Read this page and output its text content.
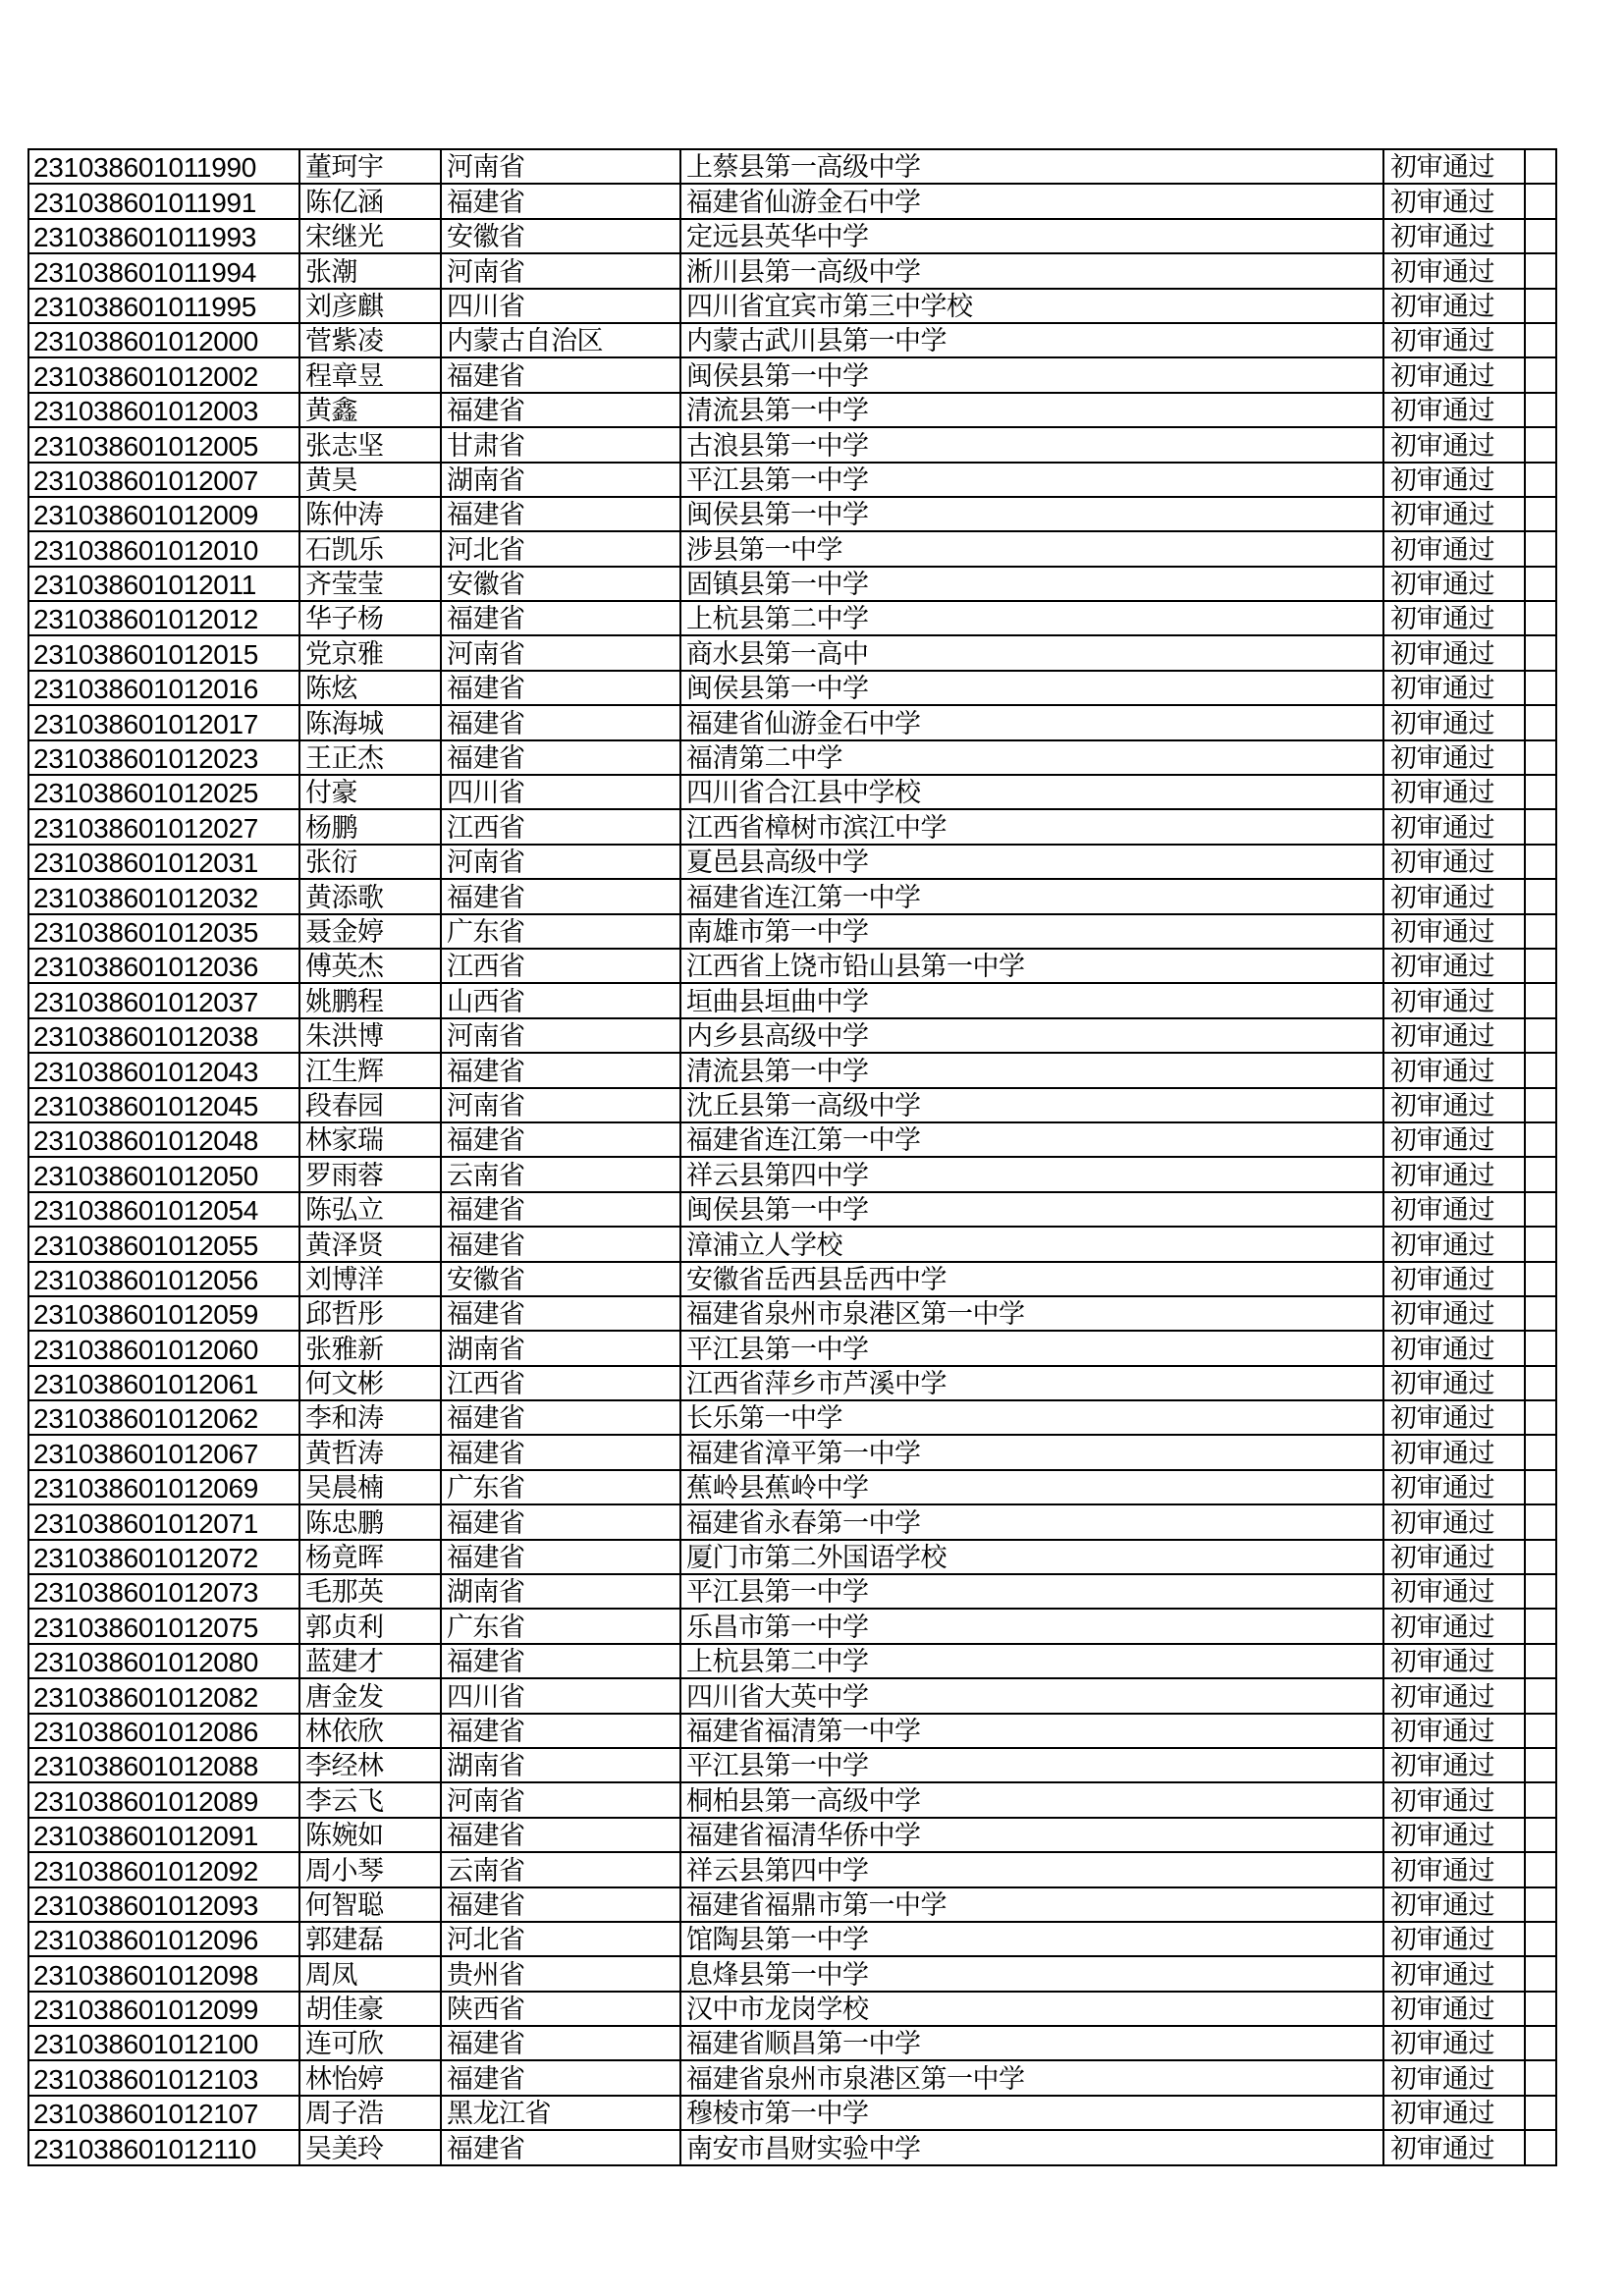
231038601011990	董珂宇	河南省	上蔡县第一高级中学	初审通过	
231038601011991	陈亿涵	福建省	福建省仙游金石中学	初审通过	
231038601011993	宋继光	安徽省	定远县英华中学	初审通过	
231038601011994	张潮	河南省	淅川县第一高级中学	初审通过	
231038601011995	刘彦麒	四川省	四川省宜宾市第三中学校	初审通过	
231038601012000	菅紫凌	内蒙古自治区	内蒙古武川县第一中学	初审通过	
231038601012002	程章昱	福建省	闽侯县第一中学	初审通过	
231038601012003	黄鑫	福建省	清流县第一中学	初审通过	
231038601012005	张志坚	甘肃省	古浪县第一中学	初审通过	
231038601012007	黄昊	湖南省	平江县第一中学	初审通过	
231038601012009	陈仲涛	福建省	闽侯县第一中学	初审通过	
231038601012010	石凯乐	河北省	涉县第一中学	初审通过	
231038601012011	齐莹莹	安徽省	固镇县第一中学	初审通过	
231038601012012	华子杨	福建省	上杭县第二中学	初审通过	
231038601012015	党京雅	河南省	商水县第一高中	初审通过	
231038601012016	陈炫	福建省	闽侯县第一中学	初审通过	
231038601012017	陈海城	福建省	福建省仙游金石中学	初审通过	
231038601012023	王正杰	福建省	福清第二中学	初审通过	
231038601012025	付豪	四川省	四川省合江县中学校	初审通过	
231038601012027	杨鹏	江西省	江西省樟树市滨江中学	初审通过	
231038601012031	张衍	河南省	夏邑县高级中学	初审通过	
231038601012032	黄添歌	福建省	福建省连江第一中学	初审通过	
231038601012035	聂金婷	广东省	南雄市第一中学	初审通过	
231038601012036	傅英杰	江西省	江西省上饶市铅山县第一中学	初审通过	
231038601012037	姚鹏程	山西省	垣曲县垣曲中学	初审通过	
231038601012038	朱洪博	河南省	内乡县高级中学	初审通过	
231038601012043	江生辉	福建省	清流县第一中学	初审通过	
231038601012045	段春园	河南省	沈丘县第一高级中学	初审通过	
231038601012048	林家瑞	福建省	福建省连江第一中学	初审通过	
231038601012050	罗雨蓉	云南省	祥云县第四中学	初审通过	
231038601012054	陈弘立	福建省	闽侯县第一中学	初审通过	
231038601012055	黄泽贤	福建省	漳浦立人学校	初审通过	
231038601012056	刘博洋	安徽省	安徽省岳西县岳西中学	初审通过	
231038601012059	邱哲彤	福建省	福建省泉州市泉港区第一中学	初审通过	
231038601012060	张雅新	湖南省	平江县第一中学	初审通过	
231038601012061	何文彬	江西省	江西省萍乡市芦溪中学	初审通过	
231038601012062	李和涛	福建省	长乐第一中学	初审通过	
231038601012067	黄哲涛	福建省	福建省漳平第一中学	初审通过	
231038601012069	吴晨楠	广东省	蕉岭县蕉岭中学	初审通过	
231038601012071	陈忠鹏	福建省	福建省永春第一中学	初审通过	
231038601012072	杨竟晖	福建省	厦门市第二外国语学校	初审通过	
231038601012073	毛那英	湖南省	平江县第一中学	初审通过	
231038601012075	郭贞利	广东省	乐昌市第一中学	初审通过	
231038601012080	蓝建才	福建省	上杭县第二中学	初审通过	
231038601012082	唐金发	四川省	四川省大英中学	初审通过	
231038601012086	林依欣	福建省	福建省福清第一中学	初审通过	
231038601012088	李经林	湖南省	平江县第一中学	初审通过	
231038601012089	李云飞	河南省	桐柏县第一高级中学	初审通过	
231038601012091	陈婉如	福建省	福建省福清华侨中学	初审通过	
231038601012092	周小琴	云南省	祥云县第四中学	初审通过	
231038601012093	何智聪	福建省	福建省福鼎市第一中学	初审通过	
231038601012096	郭建磊	河北省	馆陶县第一中学	初审通过	
231038601012098	周凤	贵州省	息烽县第一中学	初审通过	
231038601012099	胡佳豪	陕西省	汉中市龙岗学校	初审通过	
231038601012100	连可欣	福建省	福建省顺昌第一中学	初审通过	
231038601012103	林怡婷	福建省	福建省泉州市泉港区第一中学	初审通过	
231038601012107	周子浩	黑龙江省	穆棱市第一中学	初审通过	
231038601012110	吴美玲	福建省	南安市昌财实验中学	初审通过	
